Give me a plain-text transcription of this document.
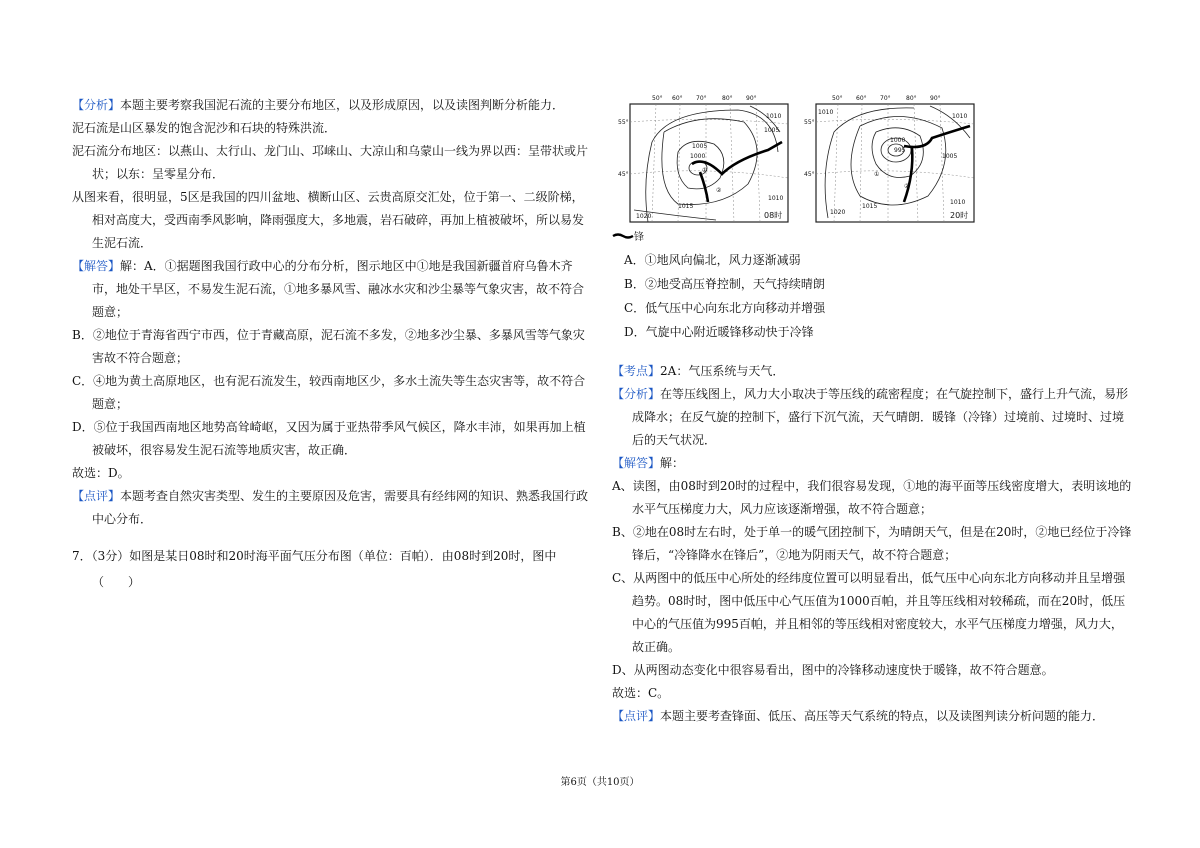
【分析】本题主要考察我国泥石流的主要分布地区，以及形成原因，以及读图判断分析能力．

泥石流是山区暴发的饱含泥沙和石块的特殊洪流．

泥石流分布地区：以燕山、太行山、龙门山、邛崃山、大凉山和乌蒙山一线为界以西：呈带状或片状；以东：呈零星分布．

从图来看，很明显，5区是我国的四川盆地、横断山区、云贵高原交汇处，位于第一、二级阶梯，相对高度大，受西南季风影响，降雨强度大，多地震，岩石破碎，再加上植被破坏，所以易发生泥石流．

【解答】解：A．①据题图我国行政中心的分布分析，图示地区中①地是我国新疆首府乌鲁木齐市，地处干旱区，不易发生泥石流，①地多暴风雪、融冰水灾和沙尘暴等气象灾害，故不符合题意；

B．②地位于青海省西宁市西，位于青藏高原，泥石流不多发，②地多沙尘暴、多暴风雪等气象灾害故不符合题意；

C．④地为黄土高原地区，也有泥石流发生，较西南地区少，多水土流失等生态灾害等，故不符合题意；

D．⑤位于我国西南地区地势高耸崎岖，又因为属于亚热带季风气候区，降水丰沛，如果再加上植被破坏，很容易发生泥石流等地质灾害，故正确．

故选：D。

【点评】本题考查自然灾害类型、发生的主要原因及危害，需要具有经纬网的知识、熟悉我国行政中心分布．

7．（3分）如图是某日08时和20时海平面气压分布图（单位：百帕）．由08时到20时，图中（　　）

50° 60° 70°	80° 90°
55°
45°
1000
1005
1010
1015
1020
1005
1010
①
②
08时
50° 60° 70°	80° 90°
55°
45°
1000
995
1005
1010
1015
1020
1010
1010
①
②
20时
锋

A．①地风向偏北，风力逐渐减弱

B．②地受高压脊控制，天气持续晴朗

C．低气压中心向东北方向移动并增强

D．气旋中心附近暖锋移动快于冷锋

【考点】2A：气压系统与天气．

【分析】在等压线图上，风力大小取决于等压线的疏密程度；在气旋控制下，盛行上升气流，易形成降水；在反气旋的控制下，盛行下沉气流，天气晴朗．暖锋（冷锋）过境前、过境时、过境后的天气状况．

【解答】解：

A、读图，由08时到20时的过程中，我们很容易发现，①地的海平面等压线密度增大，表明该地的水平气压梯度力大，风力应该逐渐增强，故不符合题意；

B、②地在08时左右时，处于单一的暖气团控制下，为晴朗天气，但是在20时，②地已经位于冷锋锋后，“冷锋降水在锋后”，②地为阴雨天气，故不符合题意；

C、从两图中的低压中心所处的经纬度位置可以明显看出，低气压中心向东北方向移动并且呈增强趋势。08时时，图中低压中心气压值为1000百帕，并且等压线相对较稀疏，而在20时，低压中心的气压值为995百帕，并且相邻的等压线相对密度较大，水平气压梯度力增强，风力大，故正确。

D、从两图动态变化中很容易看出，图中的冷锋移动速度快于暖锋，故不符合题意。

故选：C。

【点评】本题主要考查锋面、低压、高压等天气系统的特点，以及读图判读分析问题的能力．

第6页（共10页）
